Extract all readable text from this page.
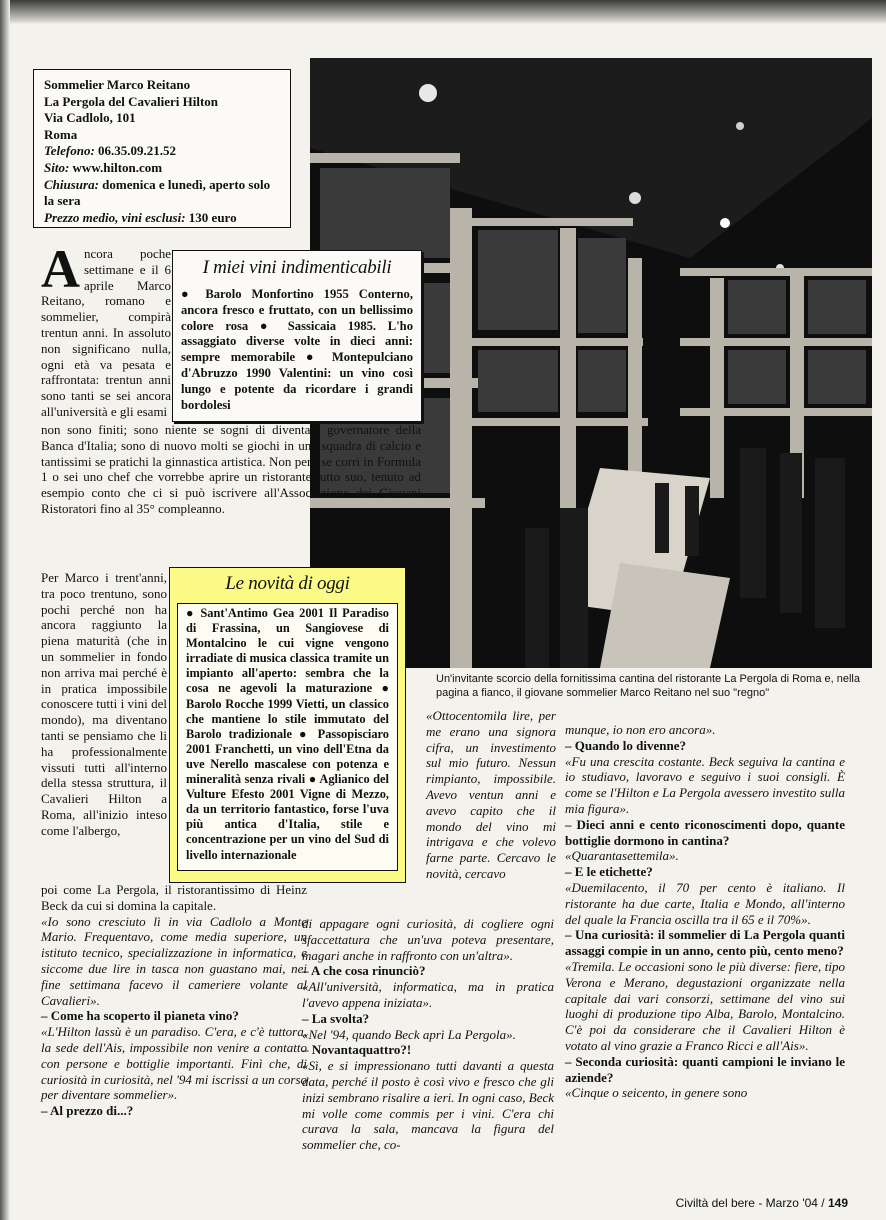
Sommelier Marco Reitano
La Pergola del Cavalieri Hilton
Via Cadlolo, 101
Roma
Telefono: 06.35.09.21.52
Sito: www.hilton.com
Chiusura: domenica e lunedì, aperto solo la sera
Prezzo medio, vini esclusi: 130 euro
Un'invitante scorcio della fornitissima cantina del ristorante La Pergola di Roma e, nella pagina a fianco, il giovane sommelier Marco Reitano nel suo "regno"
I miei vini indimenticabili

● Barolo Monfortino 1955 Conterno, ancora fresco e fruttato, con un bellissimo colore rosa ● Sassicaia 1985. L'ho assaggiato diverse volte in dieci anni: sempre memorabile ● Montepulciano d'Abruzzo 1990 Valentini: un vino così lungo e potente da ricordare i grandi bordolesi

Le novità di oggi

● Sant'Antimo Gea 2001 Il Paradiso di Frassina, un Sangiovese di Montalcino le cui vigne vengono irradiate di musica classica tramite un impianto all'aperto: sembra che la cosa ne agevoli la maturazione ● Barolo Rocche 1999 Vietti, un classico che mantiene lo stile immutato del Barolo tradizionale ● Passopisciaro 2001 Franchetti, un vino dell'Etna da uve Nerello mascalese con potenza e mineralità senza rivali ● Aglianico del Vulture Efesto 2001 Vigne di Mezzo, da un territorio fantastico, forse l'uva più antica d'Italia, stile e concentrazione per un vino del Sud di livello internazionale

Ancora poche settimane e il 6 aprile Marco Reitano, romano e sommelier, compirà trentun anni. In assoluto non significano nulla, ogni età va pesata e raffrontata: trentun anni sono tanti se sei ancora all'università e gli esami
non sono finiti; sono niente se sogni di diventare governatore della Banca d'Italia; sono di nuovo molti se giochi in una squadra di calcio e tantissimi se pratichi la ginnastica artistica. Non però se corri in Formula 1 o sei uno chef che vorrebbe aprire un ristorante tutto suo, tenuto ad esempio conto che ci si può iscrivere all'Associazione dei Giovani Ristoratori fino al 35° compleanno.
Per Marco i trent'anni, tra poco trentuno, sono pochi perché non ha ancora raggiunto la piena maturità (che in un sommelier in fondo non arriva mai perché è in pratica impossibile conoscere tutti i vini del mondo), ma diventano tanti se pensiamo che li ha professionalmente vissuti tutti all'interno della stessa struttura, il Cavalieri Hilton a Roma, all'inizio inteso come l'albergo,
poi come La Pergola, il ristorantissimo di Heinz Beck da cui si domina la capitale.
«Io sono cresciuto lì in via Cadlolo a Monte Mario. Frequentavo, come media superiore, un istituto tecnico, specializzazione in informatica, e siccome due lire in tasca non guastano mai, nei fine settimana facevo il cameriere volante al Cavalieri».
– Come ha scoperto il pianeta vino?
«L'Hilton lassù è un paradiso. C'era, e c'è tuttora, la sede dell'Ais, impossibile non venire a contatto con persone e bottiglie importanti. Finì che, di curiosità in curiosità, nel '94 mi iscrissi a un corso per diventare sommelier».
– Al prezzo di...?
«Ottocentomila lire, per me erano una signora cifra, un investimento sul mio futuro. Nessun rimpianto, impossibile. Avevo ventun anni e avevo capito che il mondo del vino mi intrigava e che volevo farne parte. Cercavo le novità, cercavo
di appagare ogni curiosità, di cogliere ogni sfaccettatura che un'uva poteva presentare, magari anche in raffronto con un'altra».
– A che cosa rinunciò?
«All'università, informatica, ma in pratica l'avevo appena iniziata».
– La svolta?
«Nel '94, quando Beck aprì La Pergola».
– Novantaquattro?!
«Sì, e si impressionano tutti davanti a questa data, perché il posto è così vivo e fresco che gli inizi sembrano risalire a ieri. In ogni caso, Beck mi volle come commis per i vini. C'era chi curava la sala, mancava la figura del sommelier che, co-
munque, io non ero ancora».
– Quando lo divenne?
«Fu una crescita costante. Beck seguiva la cantina e io studiavo, lavoravo e seguivo i suoi consigli. È come se l'Hilton e La Pergola avessero investito sulla mia figura».
– Dieci anni e cento riconoscimenti dopo, quante bottiglie dormono in cantina?
«Quarantasettemila».
– E le etichette?
«Duemilacento, il 70 per cento è italiano. Il ristorante ha due carte, Italia e Mondo, all'interno del quale la Francia oscilla tra il 65 e il 70%».
– Una curiosità: il sommelier di La Pergola quanti assaggi compie in un anno, cento più, cento meno?
«Tremila. Le occasioni sono le più diverse: fiere, tipo Verona e Merano, degustazioni organizzate nella capitale dai vari consorzi, settimane del vino sui luoghi di produzione tipo Alba, Barolo, Montalcino. C'è poi da considerare che il Cavalieri Hilton è votato al vino grazie a Franco Ricci e all'Ais».
– Seconda curiosità: quanti campioni le inviano le aziende?
«Cinque o seicento, in genere sono
Civiltà del bere - Marzo '04 / 149
